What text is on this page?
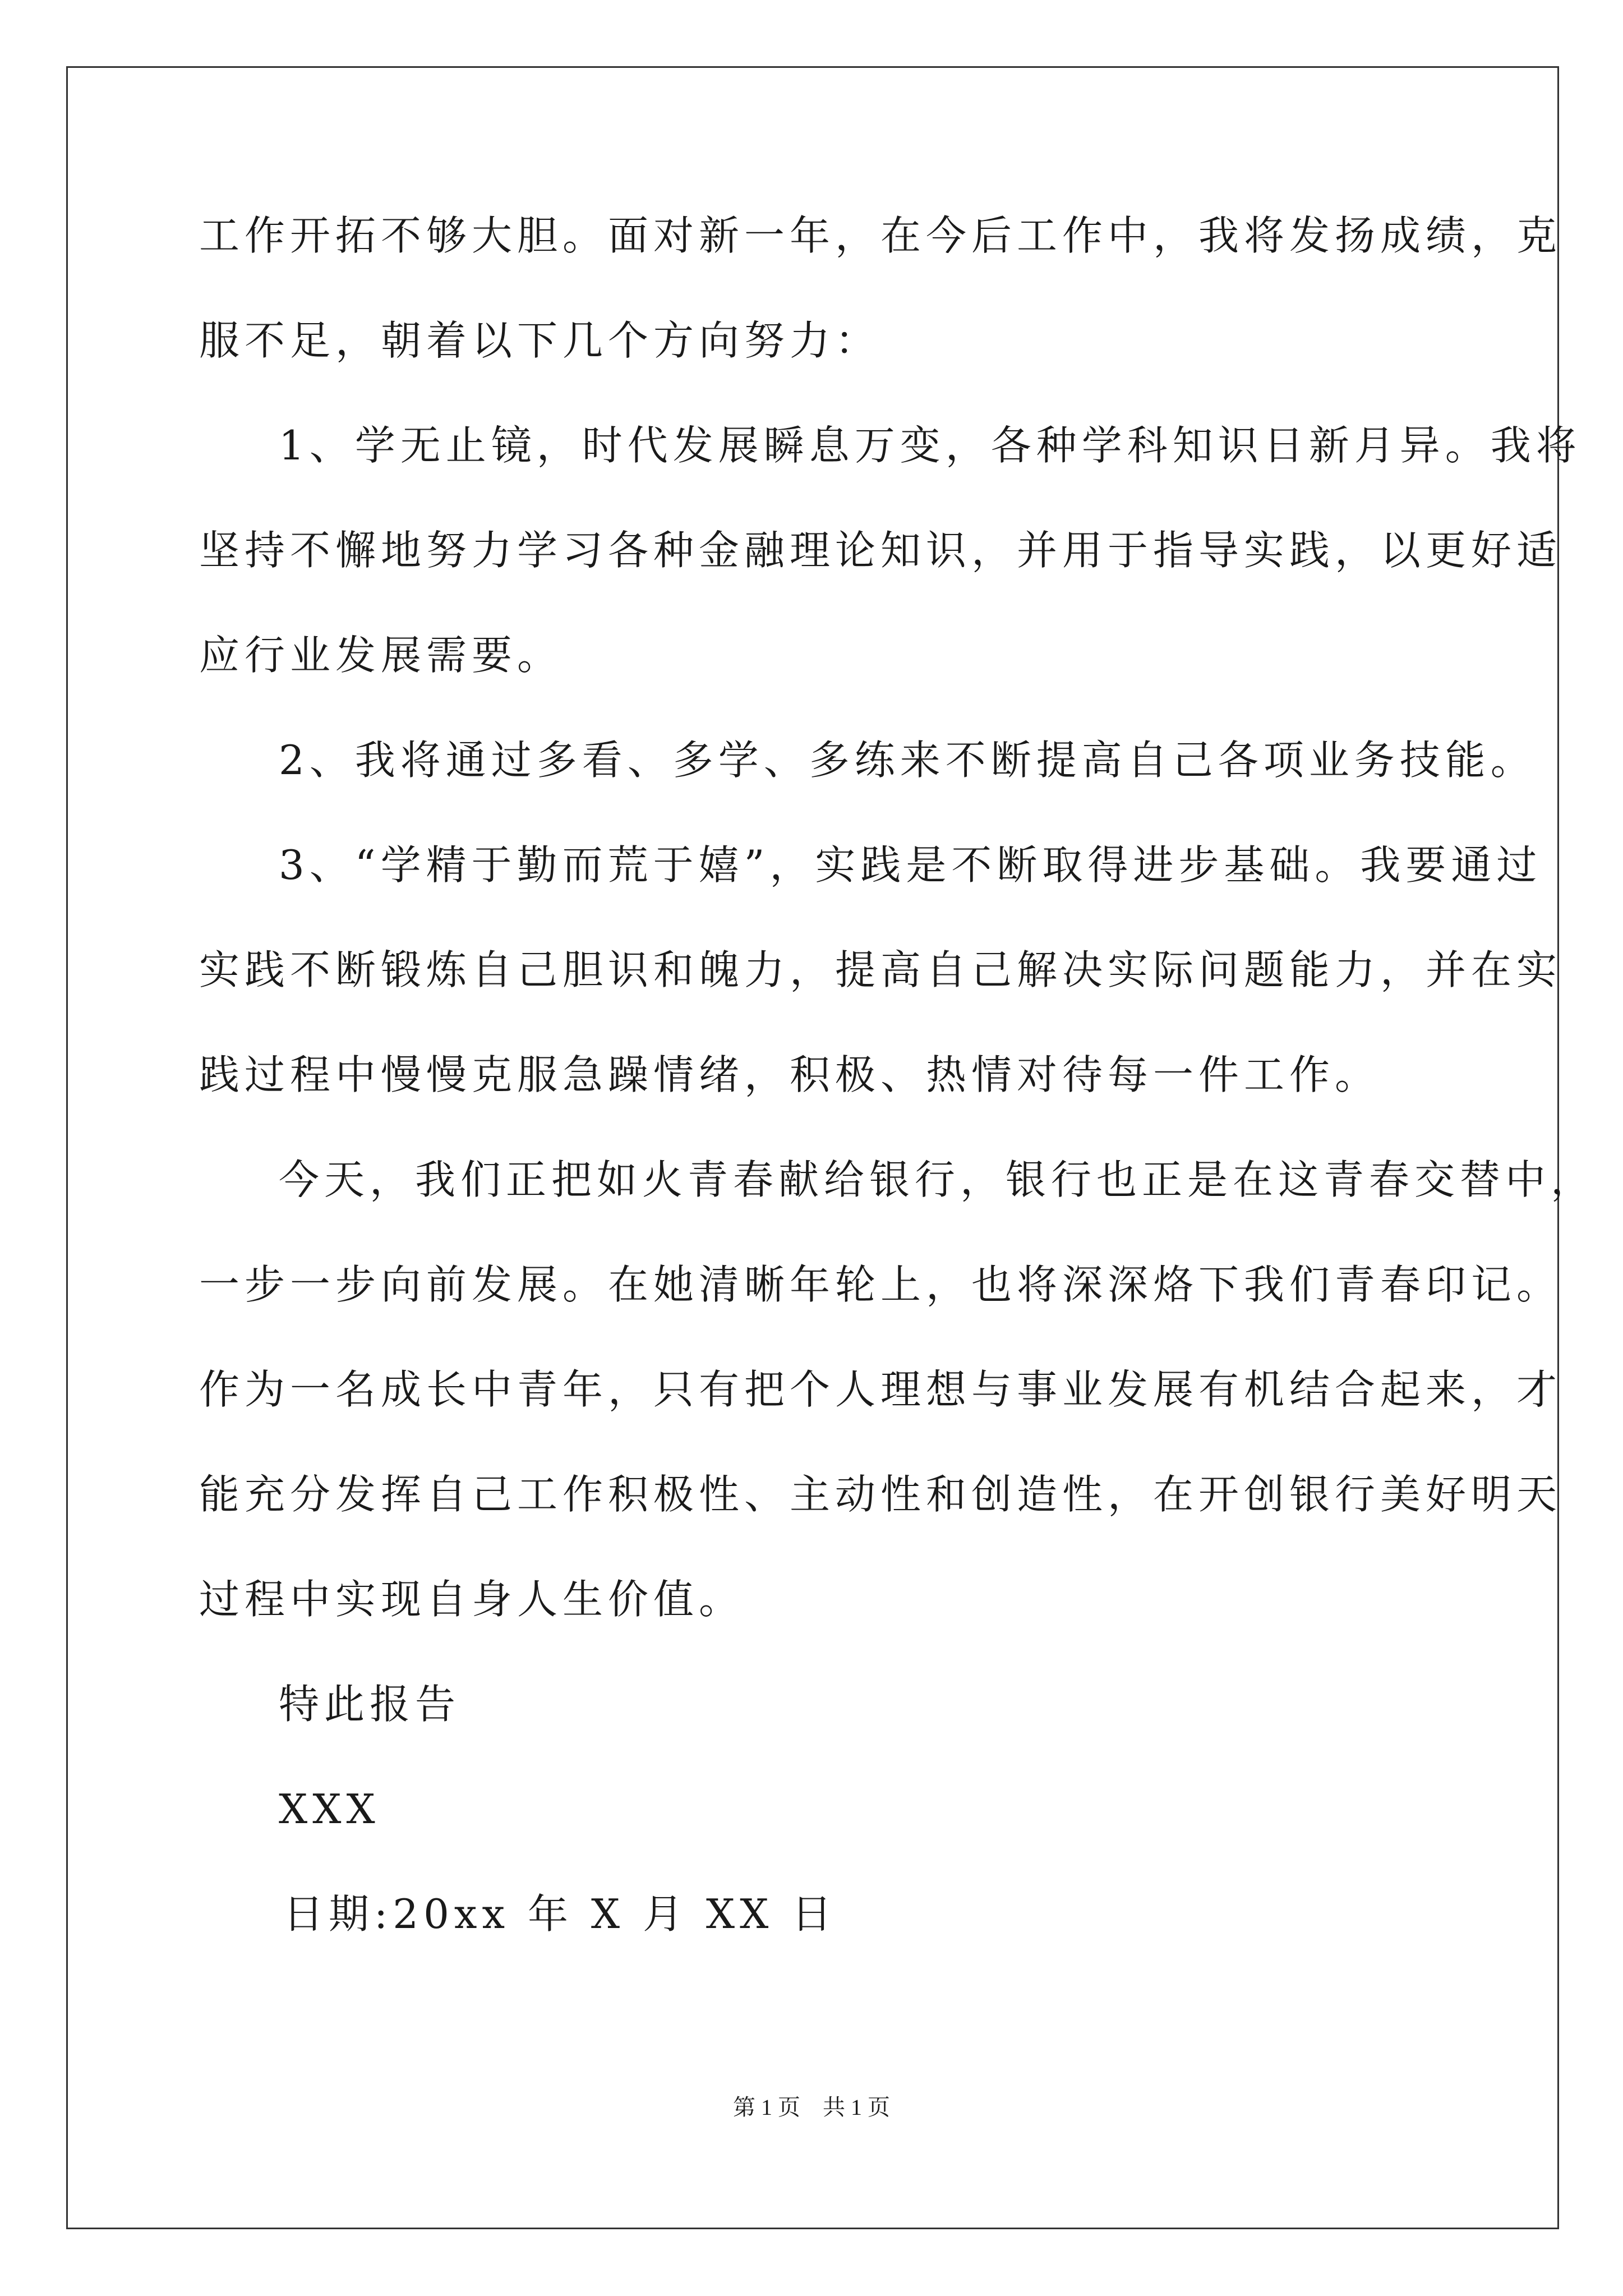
工作开拓不够大胆。面对新一年，在今后工作中，我将发扬成绩，克
服不足，朝着以下几个方向努力：
1、学无止镜，时代发展瞬息万变，各种学科知识日新月异。我将
坚持不懈地努力学习各种金融理论知识，并用于指导实践，以更好适
应行业发展需要。
2、我将通过多看、多学、多练来不断提高自己各项业务技能。
3、“学精于勤而荒于嬉”，实践是不断取得进步基础。我要通过
实践不断锻炼自己胆识和魄力，提高自己解决实际问题能力，并在实
践过程中慢慢克服急躁情绪，积极、热情对待每一件工作。
今天，我们正把如火青春献给银行，银行也正是在这青春交替中，
一步一步向前发展。在她清晰年轮上，也将深深烙下我们青春印记。
作为一名成长中青年，只有把个人理想与事业发展有机结合起来，才
能充分发挥自己工作积极性、主动性和创造性，在开创银行美好明天
过程中实现自身人生价值。
特此报告
XXX
日期:20xx 年 X 月 XX 日
第 1 页　共 1 页
